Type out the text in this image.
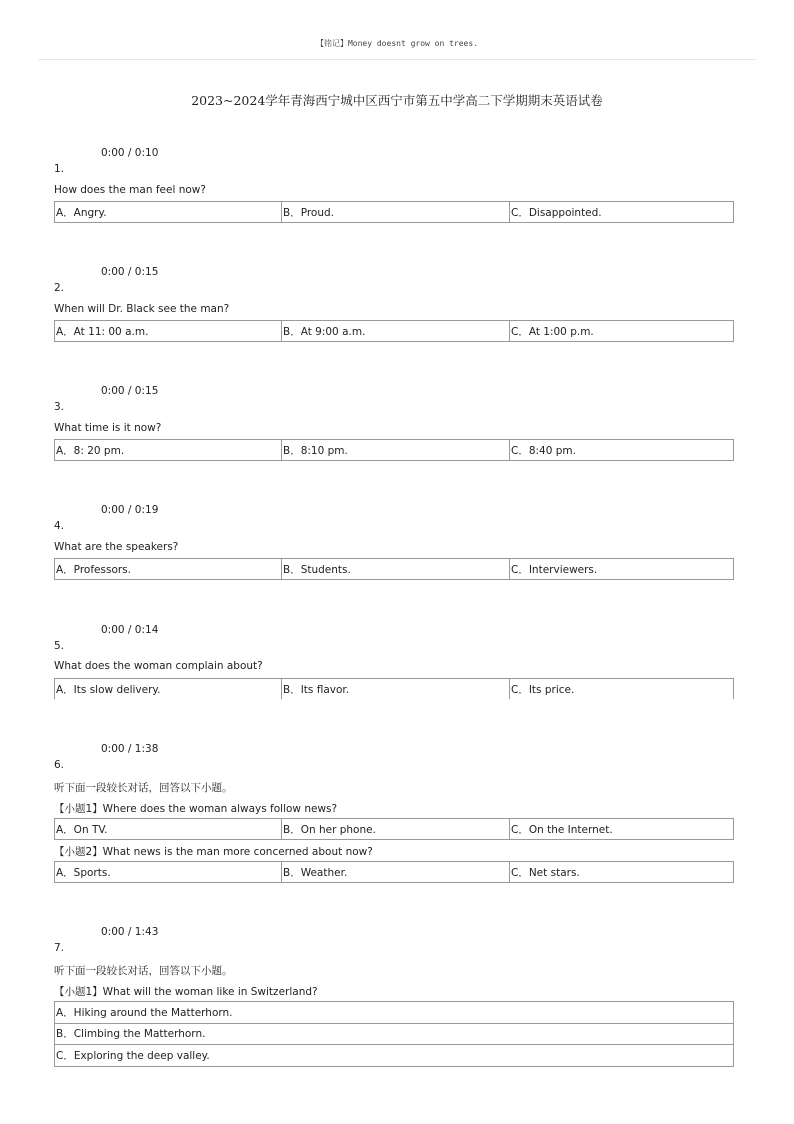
【铭记】Money doesnt grow on trees.
2023~2024学年青海西宁城中区西宁市第五中学高二下学期期末英语试卷
0:00 / 0:10
1.
How does the man feel now?
A．Angry.	B．Proud.	C．Disappointed.
0:00 / 0:15
2.
When will Dr. Black see the man?
A．At 11: 00 a.m.	B．At 9:00 a.m.	C．At 1:00 p.m.
0:00 / 0:15
3.
What time is it now?
A．8: 20 pm.	B．8:10 pm.	C．8:40 pm.
0:00 / 0:19
4.
What are the speakers?
A．Professors.	B．Students.	C．Interviewers.
0:00 / 0:14
5.
What does the woman complain about?
A．Its slow delivery.	B．Its flavor.	C．Its price.
0:00 / 1:38
6.
听下面一段较长对话，回答以下小题。
【小题1】Where does the woman always follow news?
A．On TV.	B．On her phone.	C．On the Internet.
【小题2】What news is the man more concerned about now?
A．Sports.	B．Weather.	C．Net stars.
0:00 / 1:43
7.
听下面一段较长对话，回答以下小题。
【小题1】What will the woman like in Switzerland?
A．Hiking around the Matterhorn.
B．Climbing the Matterhorn.
C．Exploring the deep valley.
